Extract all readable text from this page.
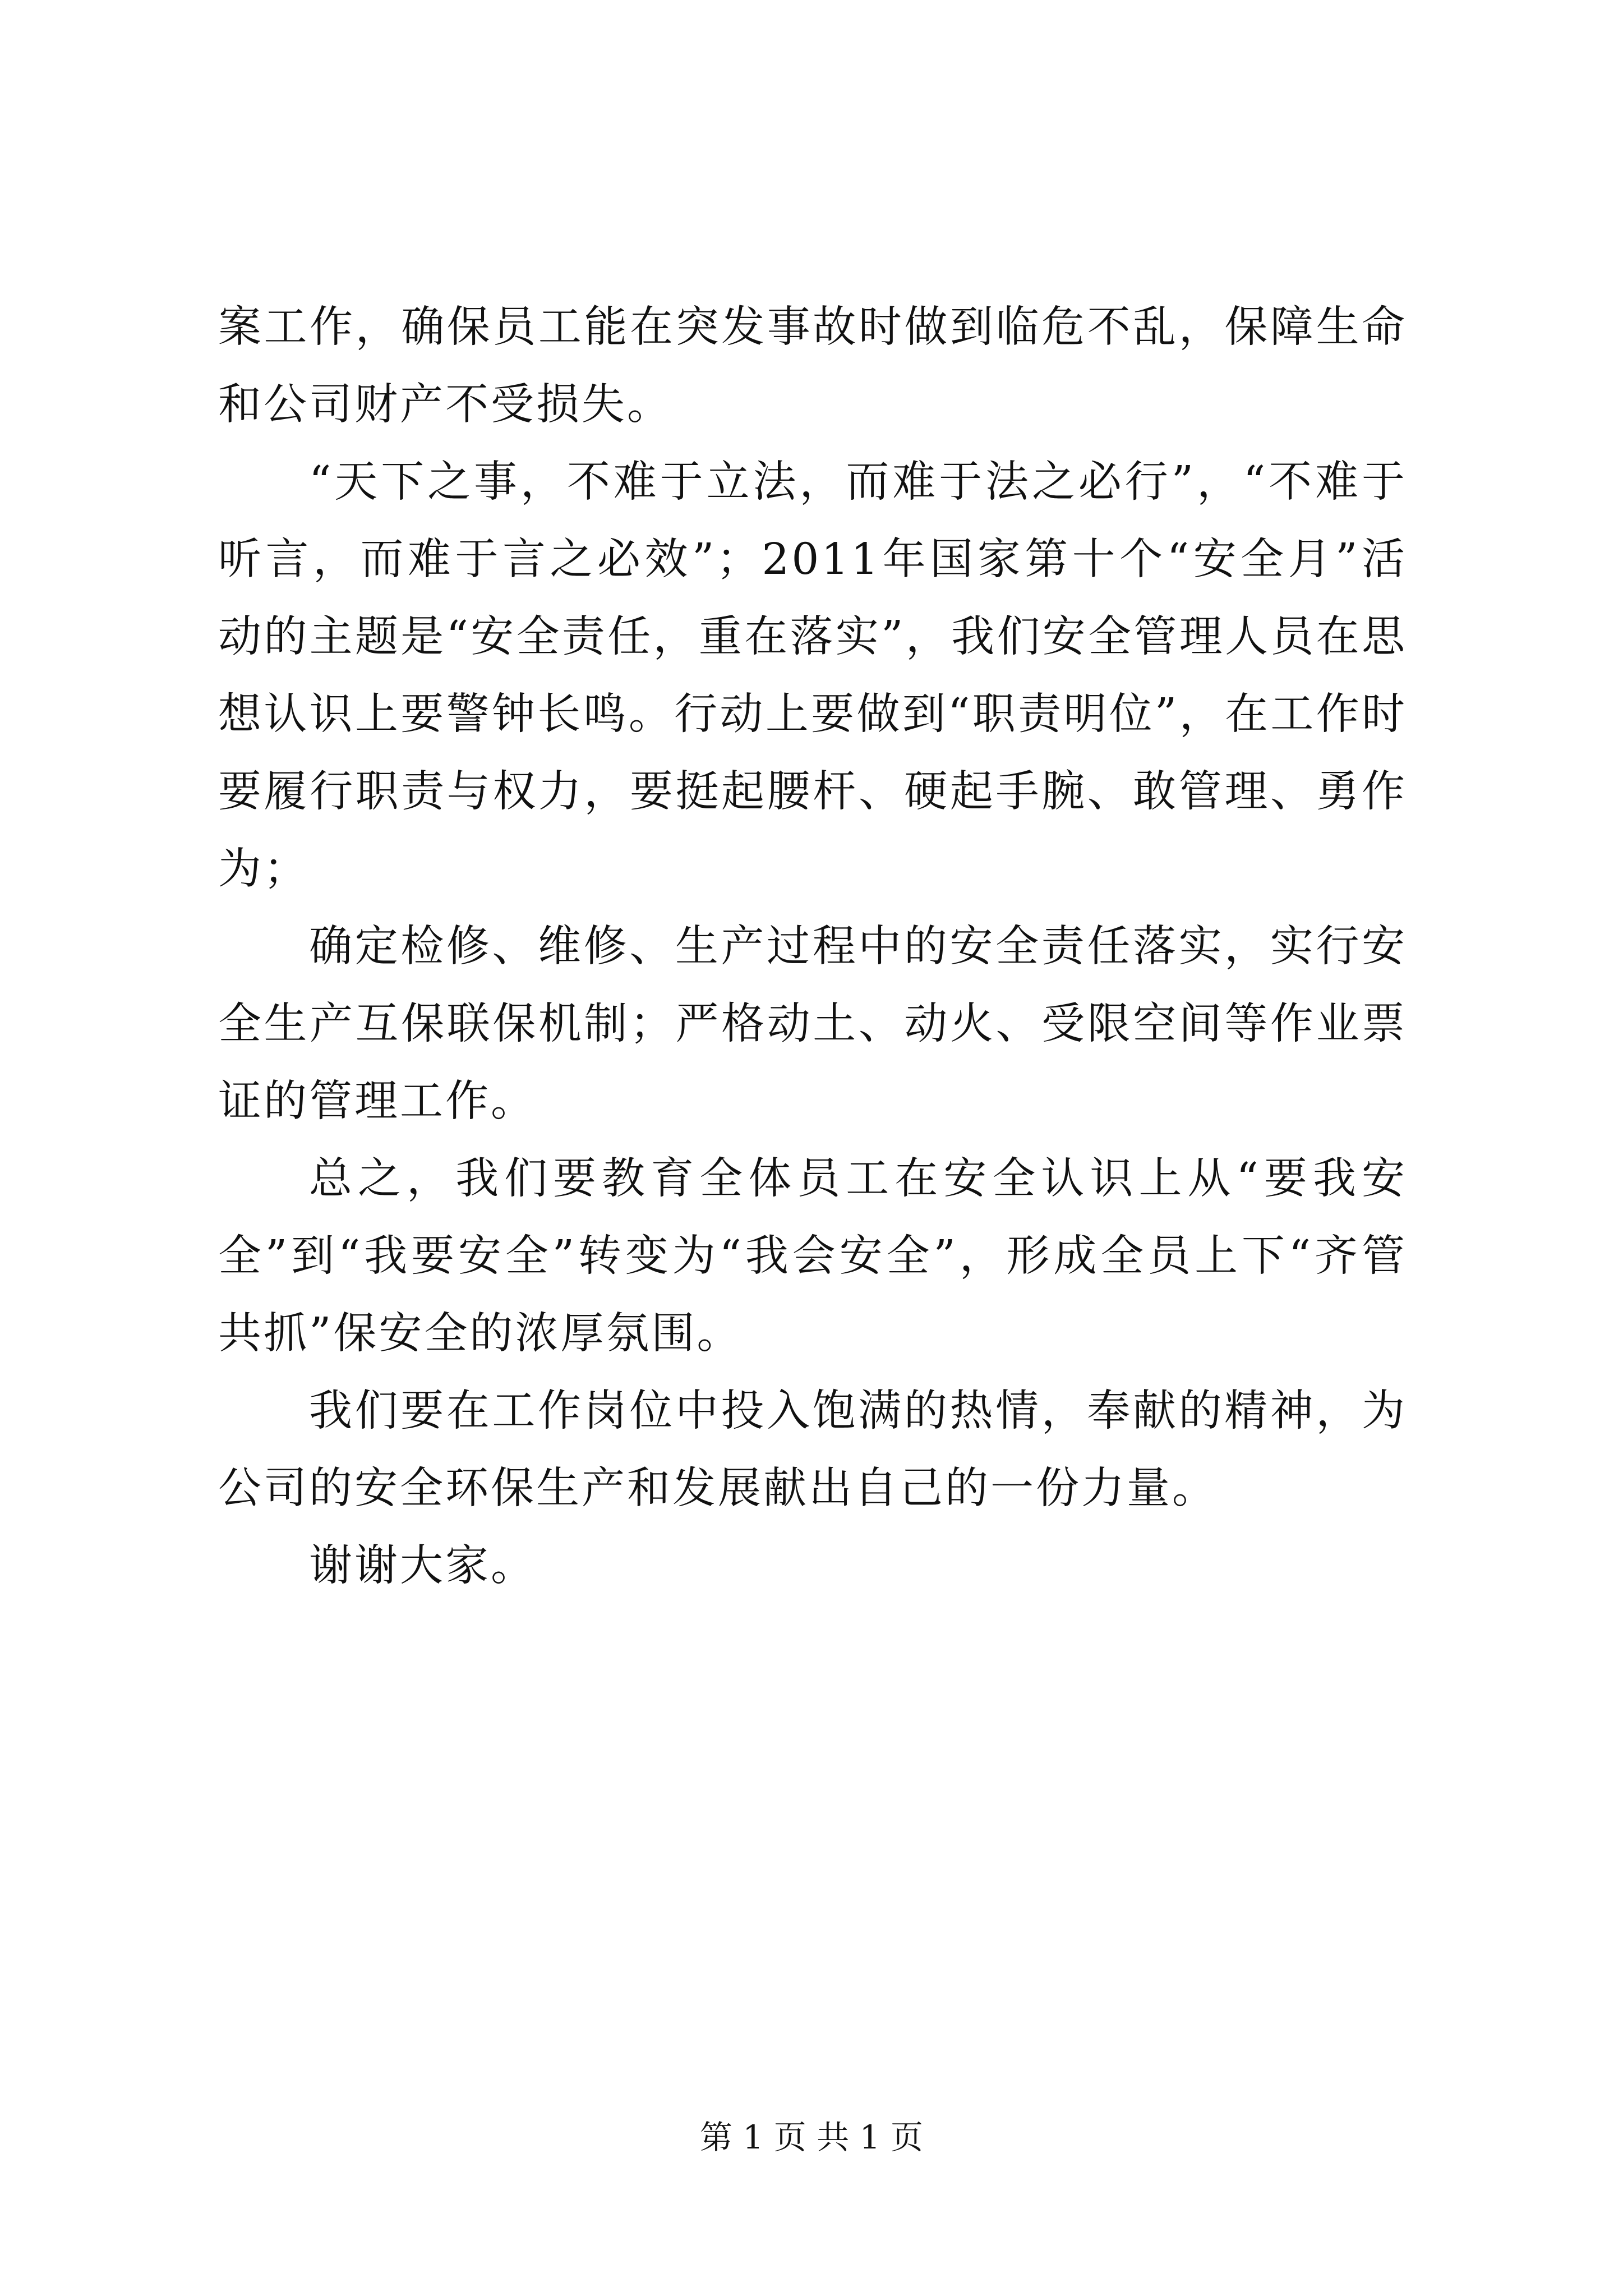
案工作，确保员工能在突发事故时做到临危不乱，保障生命和公司财产不受损失。

“天下之事，不难于立法，而难于法之必行”，“不难于听言，而难于言之必效”；2011年国家第十个“安全月”活动的主题是“安全责任，重在落实”，我们安全管理人员在思想认识上要警钟长鸣。行动上要做到“职责明位”，在工作时要履行职责与权力，要挺起腰杆、硬起手腕、敢管理、勇作为；

确定检修、维修、生产过程中的安全责任落实，实行安全生产互保联保机制；严格动土、动火、受限空间等作业票证的管理工作。

总之，我们要教育全体员工在安全认识上从“要我安全”到“我要安全”转变为“我会安全”，形成全员上下“齐管共抓”保安全的浓厚氛围。

我们要在工作岗位中投入饱满的热情，奉献的精神，为公司的安全环保生产和发展献出自己的一份力量。

谢谢大家。

第 1 页 共 1 页
